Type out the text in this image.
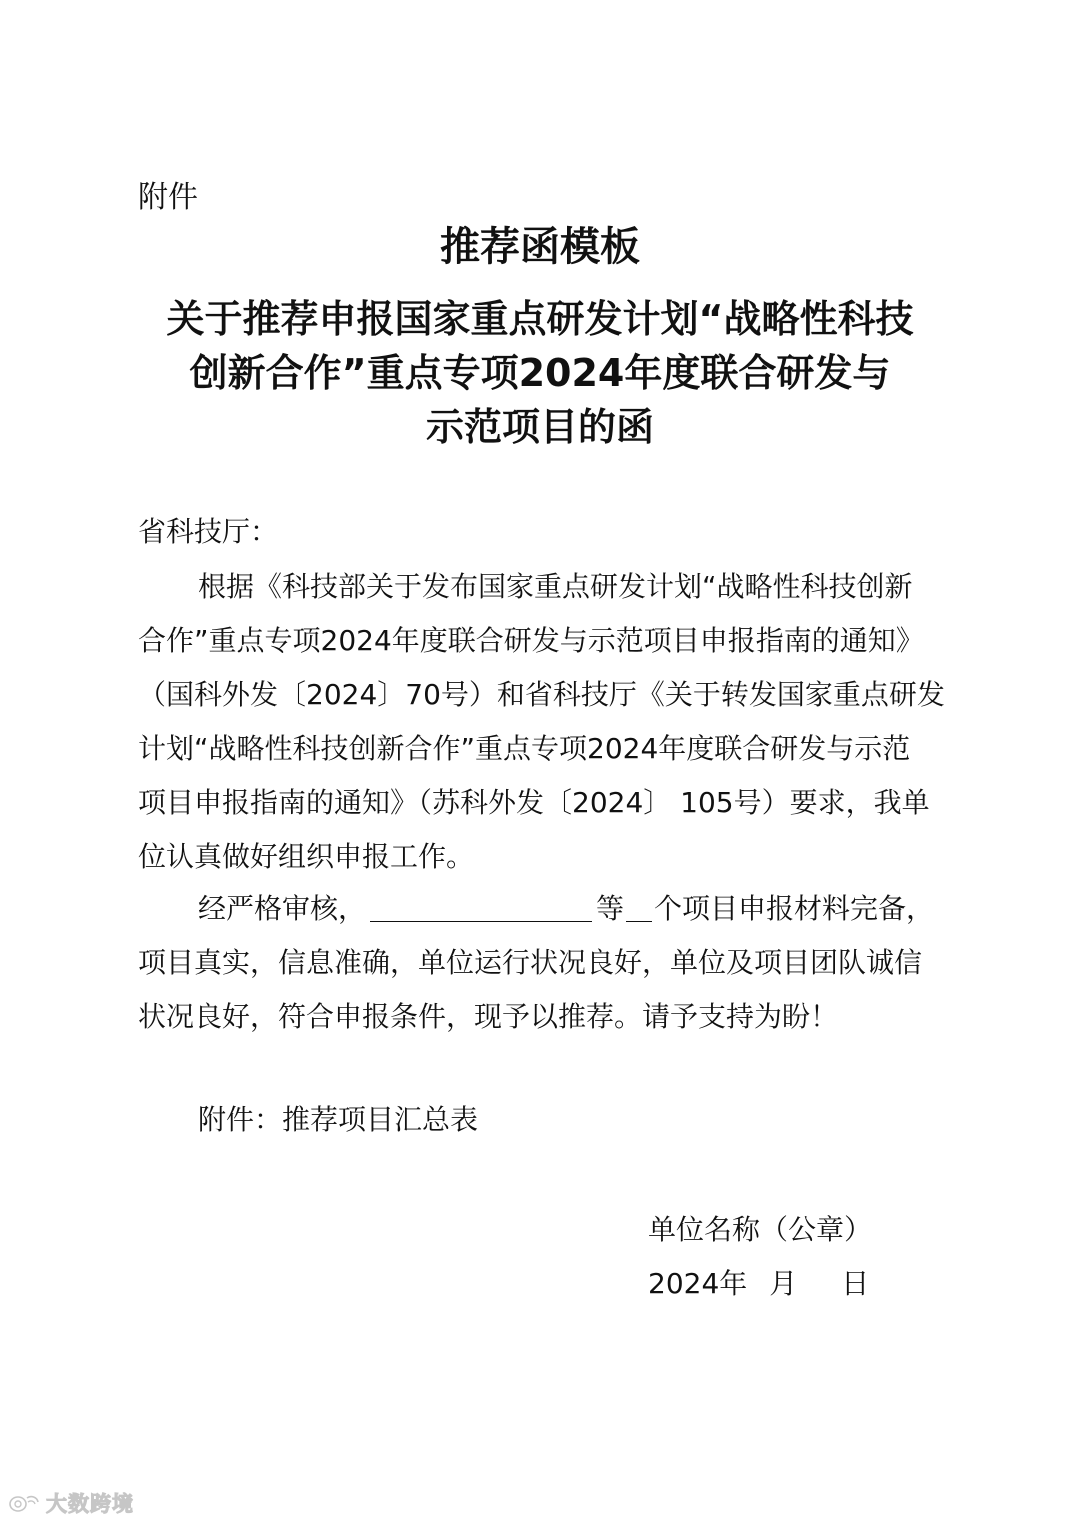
附件
推荐函模板
关于推荐申报国家重点研发计划“战略性科技
创新合作”重点专项2024年度联合研发与
示范项目的函
省科技厅：
根据《科技部关于发布国家重点研发计划“战略性科技创新
合作”重点专项2024年度联合研发与示范项目申报指南的通知》
（国科外发〔2024〕70号）和省科技厅《关于转发国家重点研发
计划“战略性科技创新合作”重点专项2024年度联合研发与示范
项目申报指南的通知》（苏科外发〔2024〕 105号）要求，我单
位认真做好组织申报工作。
经严格审核，	等 个项目申报材料完备，
项目真实，信息准确，单位运行状况良好，单位及项目团队诚信
状况良好，符合申报条件，现予以推荐。请予支持为盼！
附件：推荐项目汇总表
单位名称（公章）
2024年 月 日
大数跨境
